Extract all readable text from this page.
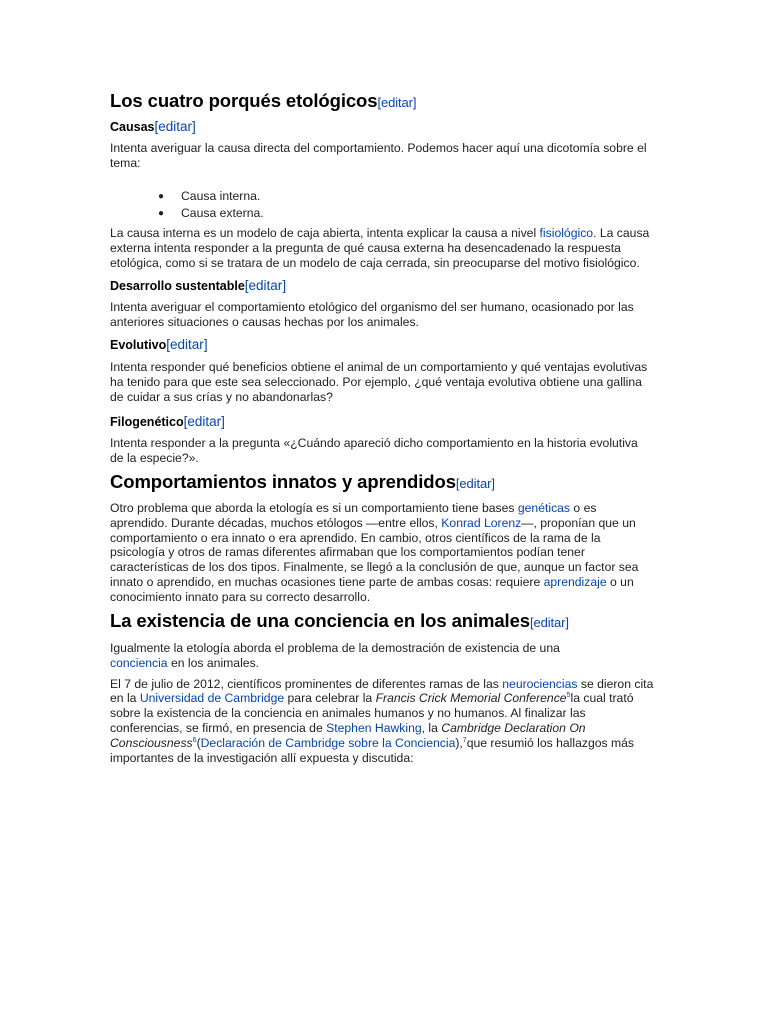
Los cuatro porqués etológicos[editar]
Causas[editar]

Intenta averiguar la causa directa del comportamiento. Podemos hacer aquí una dicotomía sobre el tema:

● Causa interna.
● Causa externa.

La causa interna es un modelo de caja abierta, intenta explicar la causa a nivel fisiológico. La causa externa intenta responder a la pregunta de qué causa externa ha desencadenado la respuesta etológica, como si se tratara de un modelo de caja cerrada, sin preocuparse del motivo fisiológico.

Desarrollo sustentable[editar]

Intenta averiguar el comportamiento etológico del organismo del ser humano, ocasionado por las anteriores situaciones o causas hechas por los animales.

Evolutivo[editar]

Intenta responder qué beneficios obtiene el animal de un comportamiento y qué ventajas evolutivas ha tenido para que este sea seleccionado. Por ejemplo, ¿qué ventaja evolutiva obtiene una gallina de cuidar a sus crías y no abandonarlas?

Filogenético[editar]

Intenta responder a la pregunta «¿Cuándo apareció dicho comportamiento en la historia evolutiva de la especie?».

Comportamientos innatos y aprendidos[editar]

Otro problema que aborda la etología es si un comportamiento tiene bases genéticas o es aprendido. Durante décadas, muchos etólogos —entre ellos, Konrad Lorenz—, proponían que un comportamiento o era innato o era aprendido. En cambio, otros científicos de la rama de la psicología y otros de ramas diferentes afirmaban que los comportamientos podían tener características de los dos tipos. Finalmente, se llegó a la conclusión de que, aunque un factor sea innato o aprendido, en muchas ocasiones tiene parte de ambas cosas: requiere aprendizaje o un conocimiento innato para su correcto desarrollo.

La existencia de una conciencia en los animales[editar]

Igualmente la etología aborda el problema de la demostración de existencia de una conciencia en los animales.

El 7 de julio de 2012, científicos prominentes de diferentes ramas de las neurociencias se dieron cita en la Universidad de Cambridge para celebrar la Francis Crick Memorial Conference$^5$la cual trató sobre la existencia de la conciencia en animales humanos y no humanos. Al finalizar las conferencias, se firmó, en presencia de Stephen Hawking, la Cambridge Declaration On Consciousness$^6$(Declaración de Cambridge sobre la Conciencia),$^7$que resumió los hallazgos más importantes de la investigación allí expuesta y discutida:
